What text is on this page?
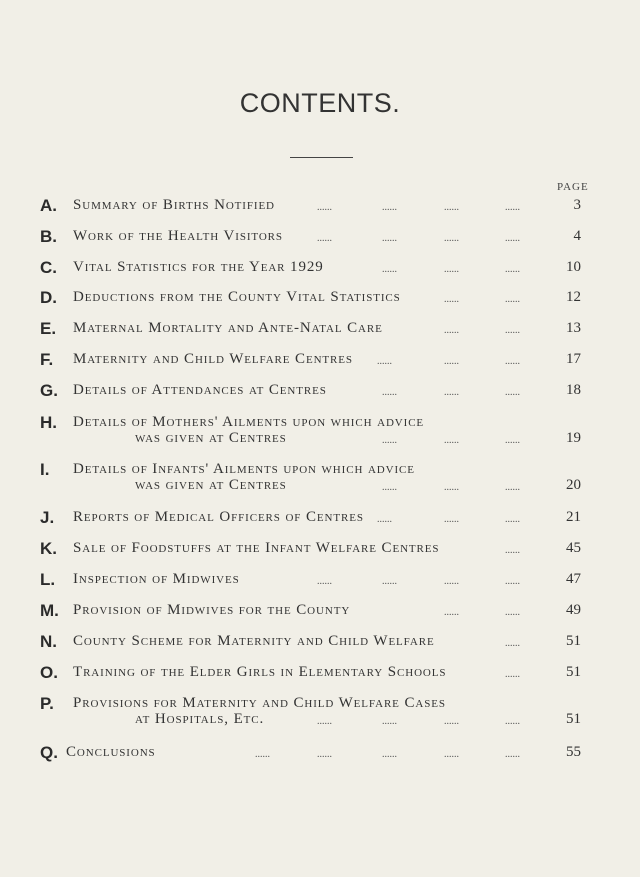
CONTENTS.
PAGE
A. Summary of Births Notified	......	......	......	......	3
B. Work of the Health Visitors	......	......	......	......	4
C. Vital Statistics for the Year 1929	......	......	......	10
D. Deductions from the County Vital Statistics	......	......	12
E. Maternal Mortality and Ante-Natal Care	......	......	13
F. Maternity and Child Welfare Centres ......	......	......	17
G. Details of Attendances at Centres	......	......	......	18
H. Details of Mothers' Ailments upon which advice
was given at Centres	......	......	......	19
I. Details of Infants' Ailments upon which advice
was given at Centres	......	......	......	20
J. Reports of Medical Officers of Centres ......	......	......	21
K. Sale of Foodstuffs at the Infant Welfare Centres	......	45
L. Inspection of Midwives	......	......	......	......	47
M. Provision of Midwives for the County	......	......	49
N. County Scheme for Maternity and Child Welfare	......	51
O. Training of the Elder Girls in Elementary Schools	......	51
P. Provisions for Maternity and Child Welfare Cases
at Hospitals, Etc.	......	......	......	......	51
Q. Conclusions	......	......	......	......	......	55
